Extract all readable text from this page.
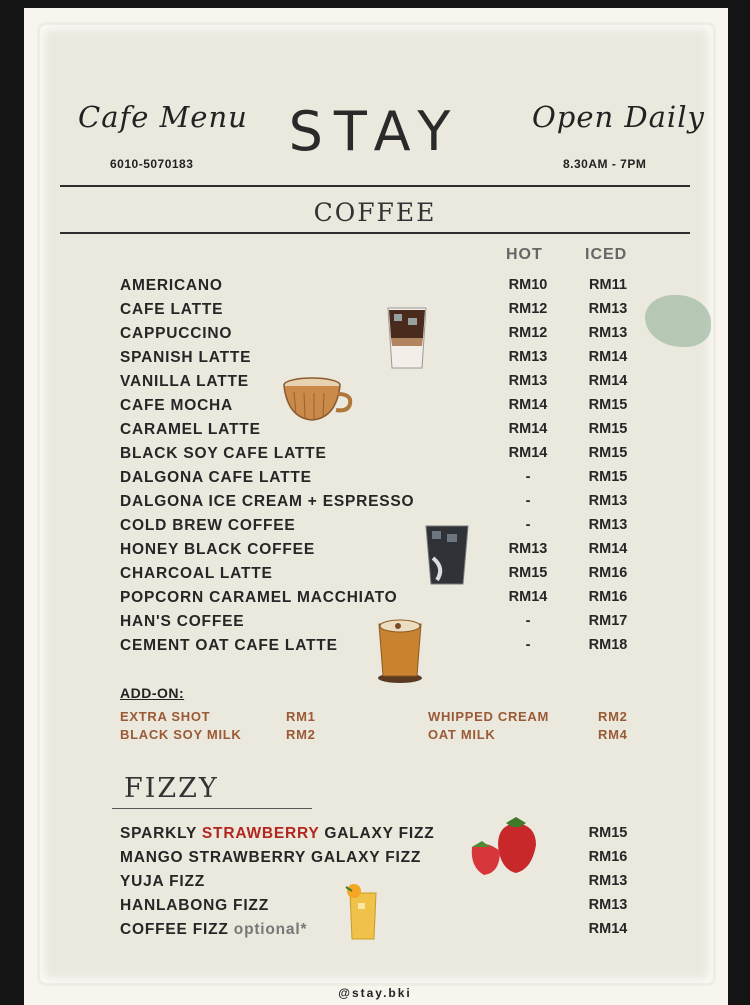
Cafe Menu
6010-5070183
STAY Open Daily
8.30AM - 7PM
COFFEE
HOT	ICED
AMERICANO	RM10	RM11
CAFE LATTE	RM12	RM13
CAPPUCCINO	RM12	RM13
SPANISH LATTE	RM13	RM14
VANILLA LATTE	RM13	RM14
CAFE MOCHA	RM14	RM15
CARAMEL LATTE	RM14	RM15
BLACK SOY CAFE LATTE	RM14	RM15
DALGONA CAFE LATTE	-	RM15
DALGONA ICE CREAM + ESPRESSO	-	RM13
COLD BREW COFFEE	-	RM13
HONEY BLACK COFFEE	RM13	RM14
CHARCOAL LATTE	RM15	RM16
POPCORN CARAMEL MACCHIATO	RM14	RM16
HAN'S COFFEE	-	RM17
CEMENT OAT CAFE LATTE	-	RM18
ADD-ON:
EXTRA SHOT	RM1
BLACK SOY MILK	RM2
WHIPPED CREAM	RM2
OAT MILK	RM4
FIZZY
SPARKLY STRAWBERRY GALAXY FIZZ	RM15
MANGO STRAWBERRY GALAXY FIZZ	RM16
YUJA FIZZ	RM13
HANLABONG FIZZ	RM13
COFFEE FIZZ optional*	RM14
@stay.bki
